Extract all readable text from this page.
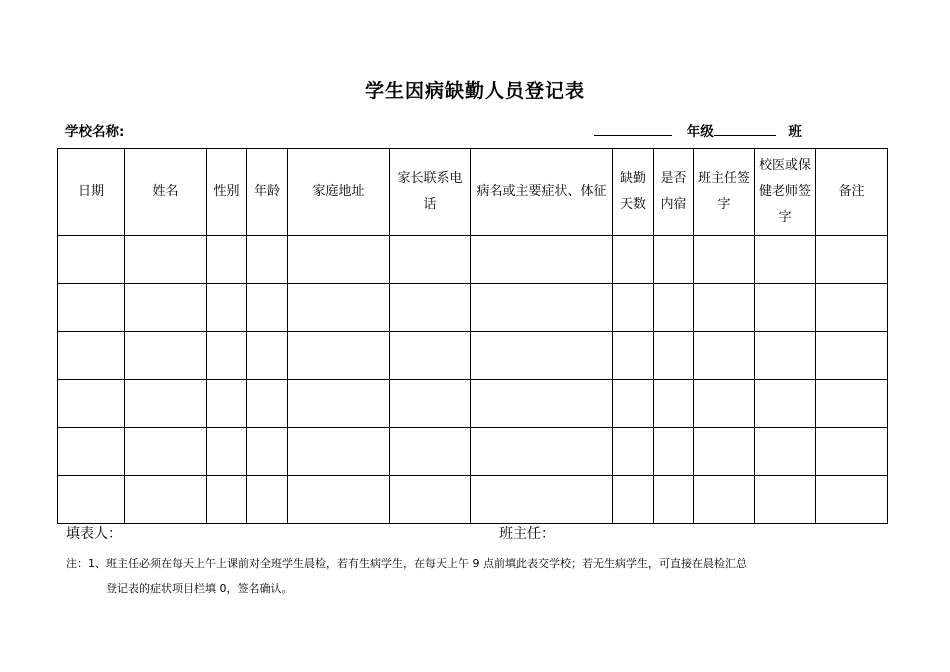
学生因病缺勤人员登记表
学校名称:	年级	班
日期	姓名	性别	年龄	家庭地址	家长联系电话	病名或主要症状、体征	缺勤天数	是否内宿	班主任签字	校医或保健老师签字	备注

填表人：	班主任：
注：1、班主任必须在每天上午上课前对全班学生晨检，若有生病学生，在每天上午 9 点前填此表交学校；若无生病学生，可直接在晨检汇总
登记表的症状项目栏填 0，签名确认。
